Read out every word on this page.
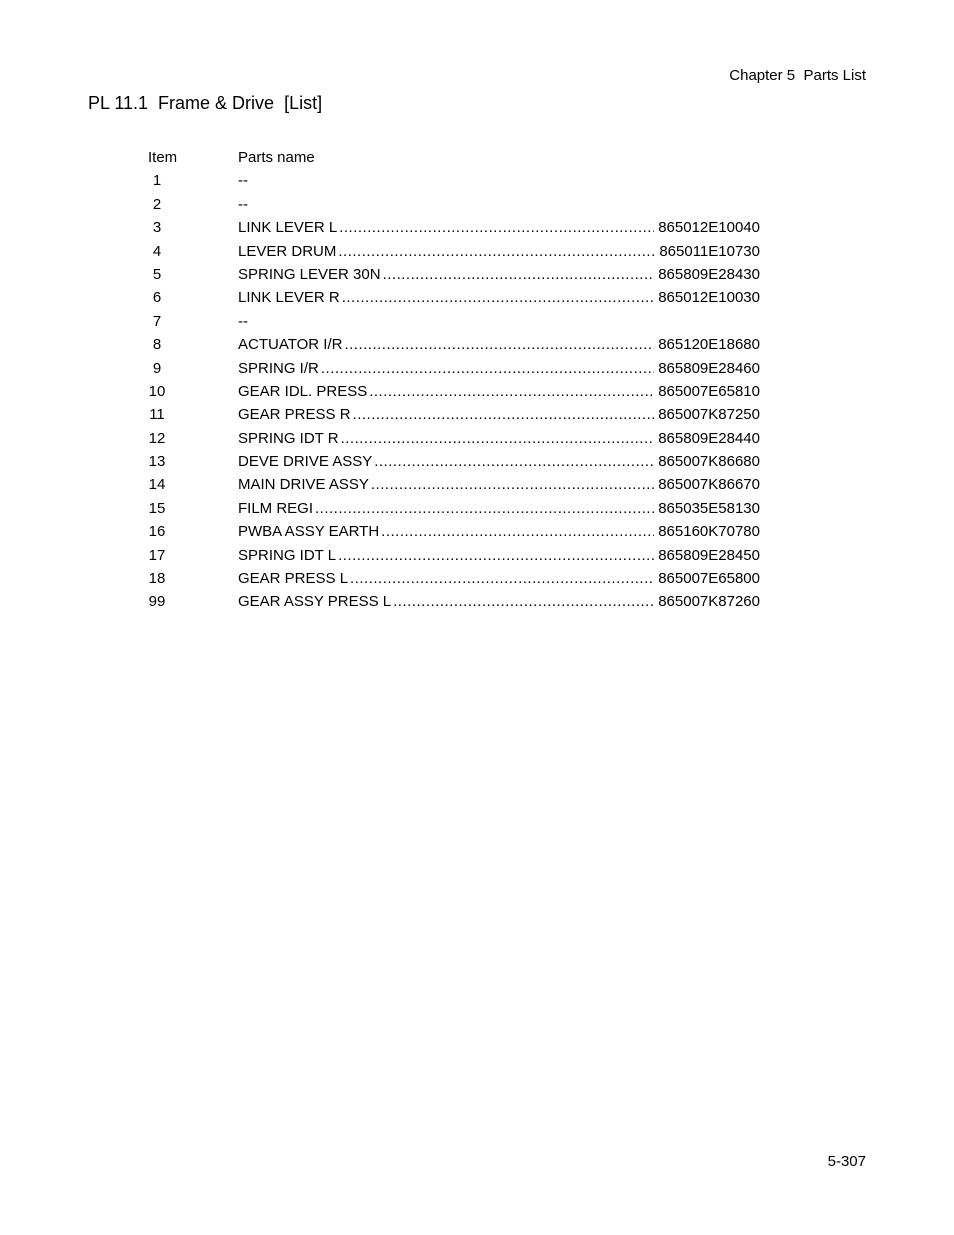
Chapter 5  Parts List
PL 11.1  Frame & Drive  [List]
Item	Parts name
1	--
2	--
3	LINK LEVER L .....	865012E10040
4	LEVER DRUM .....	865011E10730
5	SPRING LEVER 30N .....	865809E28430
6	LINK LEVER R .....	865012E10030
7	--
8	ACTUATOR I/R .....	865120E18680
9	SPRING I/R .....	865809E28460
10	GEAR IDL. PRESS .....	865007E65810
11	GEAR PRESS R .....	865007K87250
12	SPRING IDT R .....	865809E28440
13	DEVE DRIVE ASSY .....	865007K86680
14	MAIN DRIVE ASSY .....	865007K86670
15	FILM REGI .....	865035E58130
16	PWBA ASSY EARTH .....	865160K70780
17	SPRING IDT L .....	865809E28450
18	GEAR PRESS L .....	865007E65800
99	GEAR ASSY PRESS L .....	865007K87260
5-307
